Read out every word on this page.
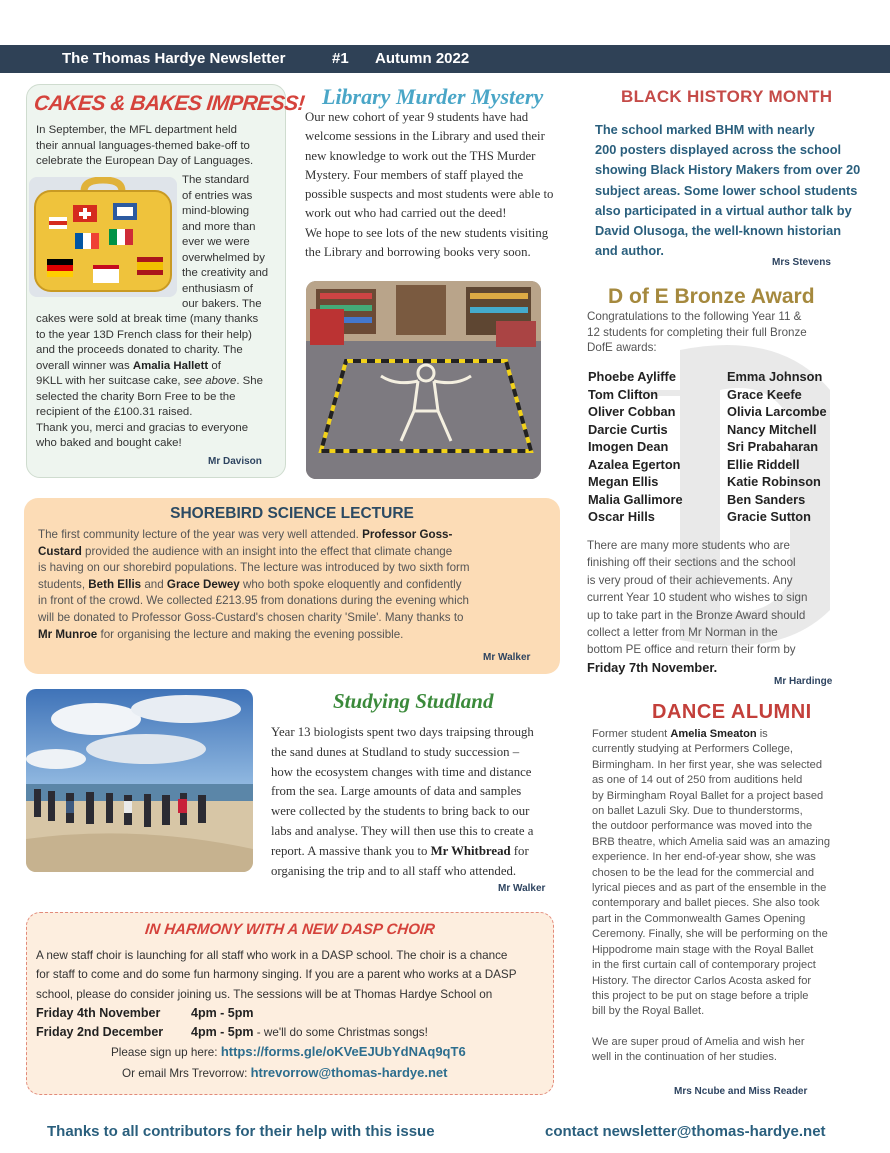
The Thomas Hardye Newsletter	#1 Autumn 2022
CAKES & BAKES IMPRESS!
In September, the MFL department held
their annual languages-themed bake-off to
celebrate the European Day of Languages.
The standard
of entries was
mind-blowing
and more than
ever we were
overwhelmed by
the creativity and
enthusiasm of
our bakers. The
cakes were sold at break time (many thanks
to the year 13D French class for their help)
and the proceeds donated to charity. The
overall winner was Amalia Hallett of
9KLL with her suitcase cake, see above. She
selected the charity Born Free to be the
recipient of the £100.31 raised.
Thank you, merci and gracias to everyone
who baked and bought cake!
Mr Davison
Library Murder Mystery
Our new cohort of year 9 students have had
welcome sessions in the Library and used their
new knowledge to work out the THS Murder
Mystery. Four members of staff played the
possible suspects and most students were able to
work out who had carried out the deed!
We hope to see lots of the new students visiting
the Library and borrowing books very soon.
BLACK HISTORY MONTH
The school marked BHM with nearly
200 posters displayed across the school
showing Black History Makers from over 20
subject areas. Some lower school students
also participated in a virtual author talk by
David Olusoga, the well-known historian
and author.
Mrs Stevens
D of E Bronze Award
Congratulations to the following Year 11 &
12 students for completing their full Bronze
DofE awards:
Phoebe Ayliffe
Tom Clifton
Oliver Cobban
Darcie Curtis
Imogen Dean
Azalea Egerton
Megan Ellis
Malia Gallimore
Oscar Hills
Emma Johnson
Grace Keefe
Olivia Larcombe
Nancy Mitchell
Sri Prabaharan
Ellie Riddell
Katie Robinson
Ben Sanders
Gracie Sutton
There are many more students who are
finishing off their sections and the school
is very proud of their achievements. Any
current Year 10 student who wishes to sign
up to take part in the Bronze Award should
collect a letter from Mr Norman in the
bottom PE office and return their form by
Friday 7th November.
Mr Hardinge
SHOREBIRD SCIENCE LECTURE
The first community lecture of the year was very well attended. Professor Goss-
Custard provided the audience with an insight into the effect that climate change
is having on our shorebird populations. The lecture was introduced by two sixth form
students, Beth Ellis and Grace Dewey who both spoke eloquently and confidently
in front of the crowd. We collected £213.95 from donations during the evening which
will be donated to Professor Goss-Custard's chosen charity 'Smile'. Many thanks to
Mr Munroe for organising the lecture and making the evening possible.
Mr Walker
Studying Studland
Year 13 biologists spent two days traipsing through
the sand dunes at Studland to study succession –
how the ecosystem changes with time and distance
from the sea. Large amounts of data and samples
were collected by the students to bring back to our
labs and analyse. They will then use this to create a
report. A massive thank you to Mr Whitbread for
organising the trip and to all staff who attended.
Mr Walker
DANCE ALUMNI
Former student Amelia Smeaton is
currently studying at Performers College,
Birmingham. In her first year, she was selected
as one of 14 out of 250 from auditions held
by Birmingham Royal Ballet for a project based
on ballet Lazuli Sky. Due to thunderstorms,
the outdoor performance was moved into the
BRB theatre, which Amelia said was an amazing
experience. In her end-of-year show, she was
chosen to be the lead for the commercial and
lyrical pieces and as part of the ensemble in the
contemporary and ballet pieces. She also took
part in the Commonwealth Games Opening
Ceremony. Finally, she will be performing on the
Hippodrome main stage with the Royal Ballet
in the first curtain call of contemporary project
History. The director Carlos Acosta asked for
this project to be put on stage before a triple
bill by the Royal Ballet.
We are super proud of Amelia and wish her
well in the continuation of her studies.
Mrs Ncube and Miss Reader
IN HARMONY WITH A NEW DASP CHOIR
A new staff choir is launching for all staff who work in a DASP school. The choir is a chance
for staff to come and do some fun harmony singing. If you are a parent who works at a DASP
school, please do consider joining us. The sessions will be at Thomas Hardye School on
Friday 4th November 4pm - 5pm
Friday 2nd December 4pm - 5pm - we'll do some Christmas songs!
Please sign up here: https://forms.gle/oKVeEJUbYdNAq9qT6
Or email Mrs Trevorrow: htrevorrow@thomas-hardye.net
Thanks to all contributors for their help with this issue	contact newsletter@thomas-hardye.net
